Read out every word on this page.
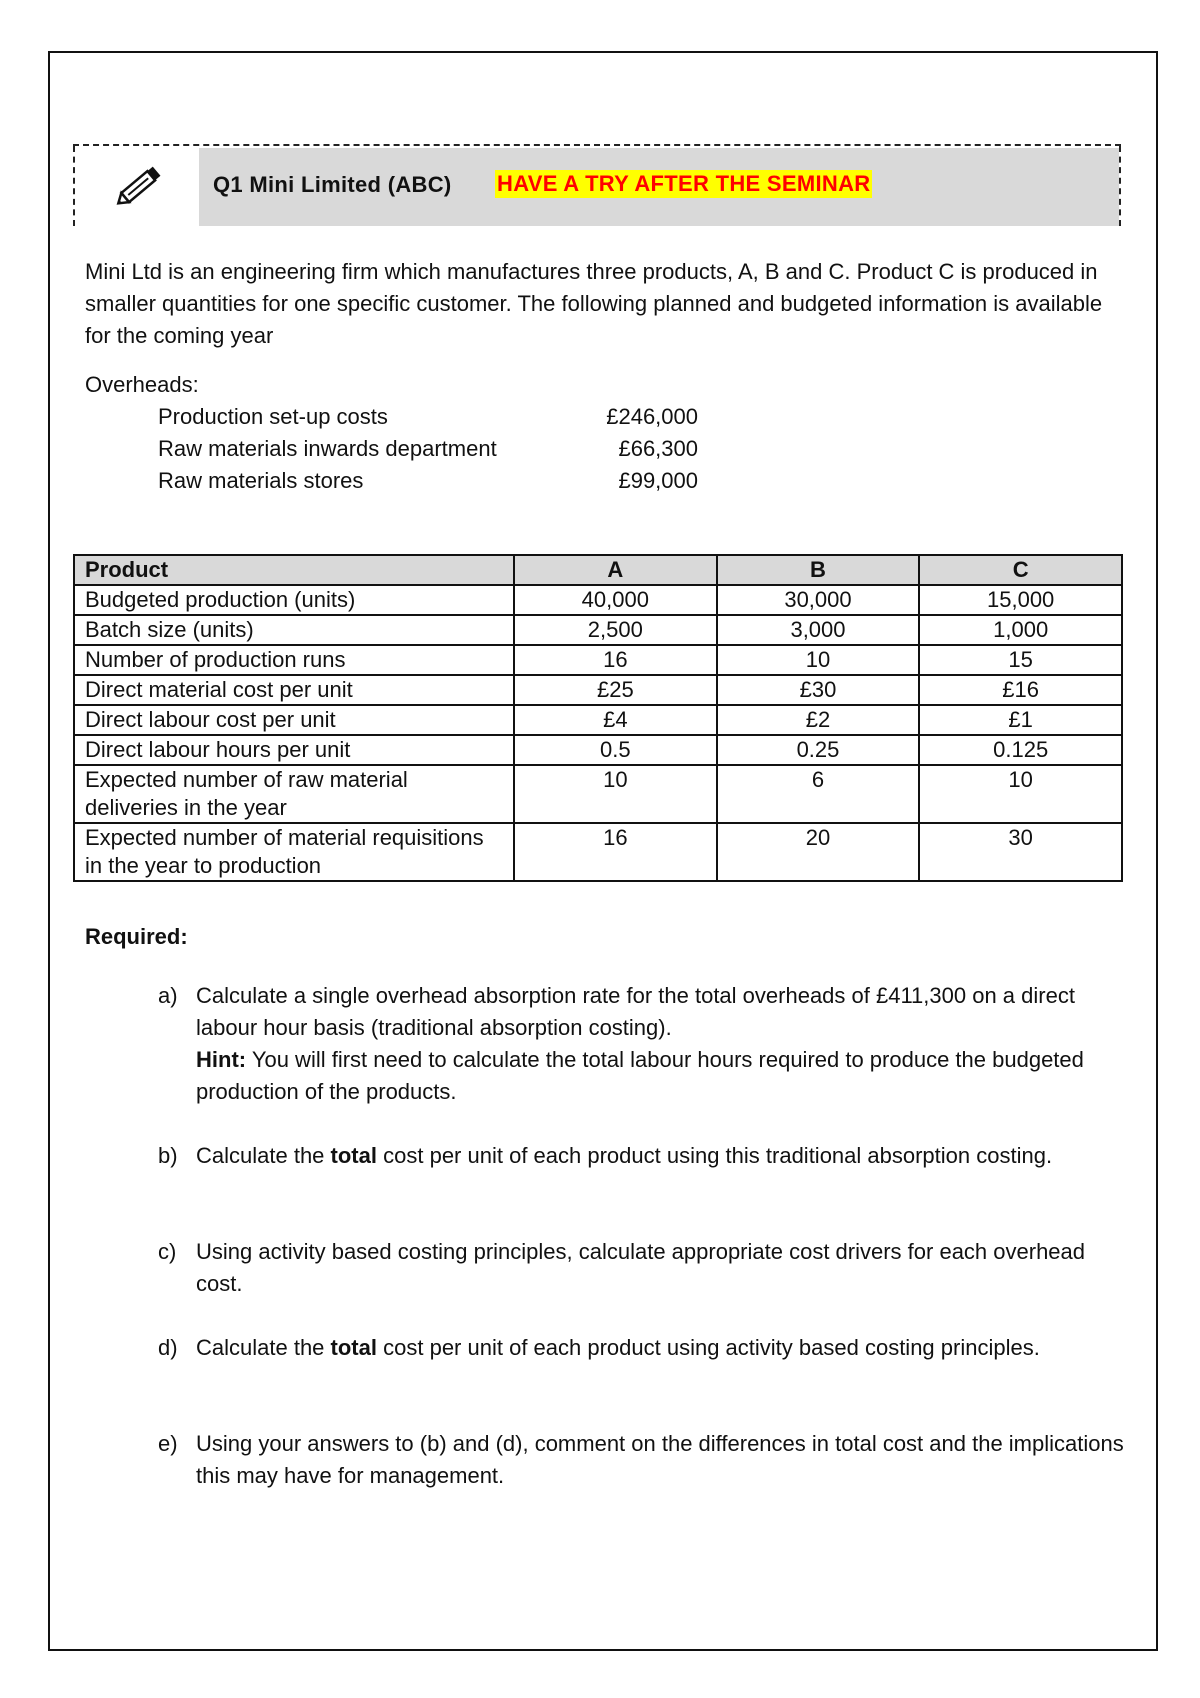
Q1 Mini Limited (ABC) HAVE A TRY AFTER THE SEMINAR
Mini Ltd is an engineering firm which manufactures three products, A, B and C. Product C is produced in smaller quantities for one specific customer. The following planned and budgeted information is available for the coming year
Overheads:
Production set-up costs	£246,000
Raw materials inwards department	£66,300
Raw materials stores	£99,000
Product	A	B	C
Budgeted production (units)	40,000	30,000	15,000
Batch size (units)	2,500	3,000	1,000
Number of production runs	16	10	15
Direct material cost per unit	£25	£30	£16
Direct labour cost per unit	£4	£2	£1
Direct labour hours per unit	0.5	0.25	0.125
Expected number of raw material deliveries in the year	10	6	10
Expected number of material requisitions in the year to production	16	20	30
Required:
a) Calculate a single overhead absorption rate for the total overheads of £411,300 on a direct labour hour basis (traditional absorption costing).
Hint: You will first need to calculate the total labour hours required to produce the budgeted production of the products.
b) Calculate the total cost per unit of each product using this traditional absorption costing.
c) Using activity based costing principles, calculate appropriate cost drivers for each overhead cost.
d) Calculate the total cost per unit of each product using activity based costing principles.
e) Using your answers to (b) and (d), comment on the differences in total cost and the implications this may have for management.
